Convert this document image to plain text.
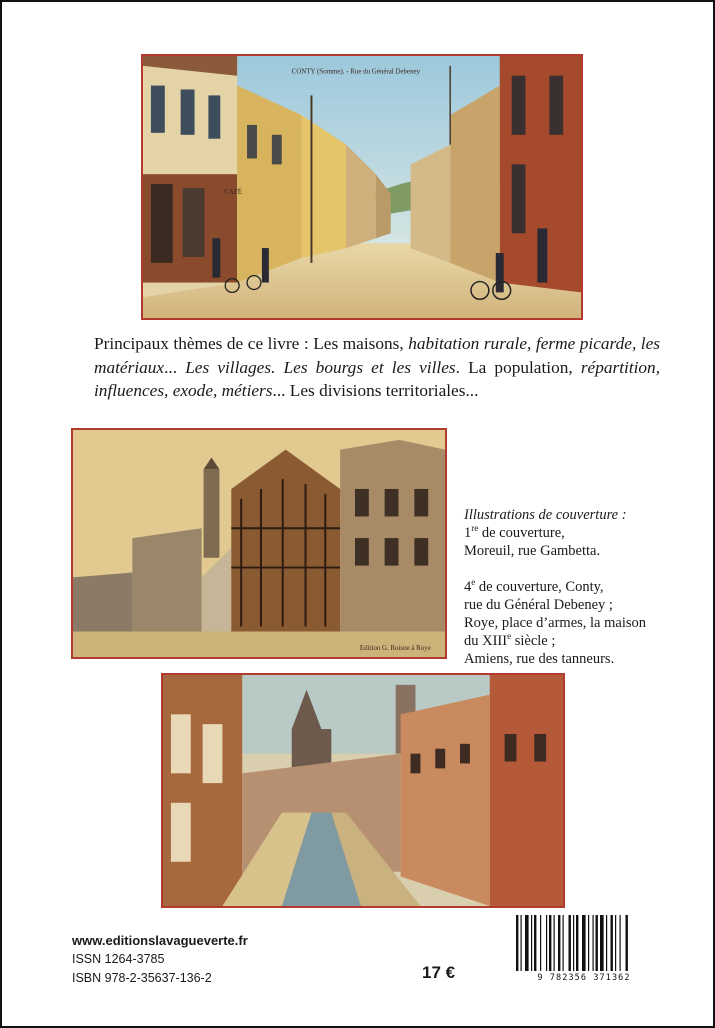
CONTY (Somme). - Rue du Général Debeney
CAFÉ
Principaux thèmes de ce livre : Les maisons, habitation rurale, ferme picarde, les matériaux... Les villages. Les bourgs et les villes. La population, répartition, influences, exode, métiers... Les divisions territoriales...
Edition G. Roisne à Roye
Illustrations de couverture :
1re de couverture,
Moreuil, rue Gambetta.
4e de couverture, Conty,
rue du Général Debeney ;
Roye, place d’armes, la maison
du XIIIe siècle ;
Amiens, rue des tanneurs.
www.editionslavagueverte.fr
ISSN 1264-3785
ISBN 978-2-35637-136-2	17 €	9 782356 371362
